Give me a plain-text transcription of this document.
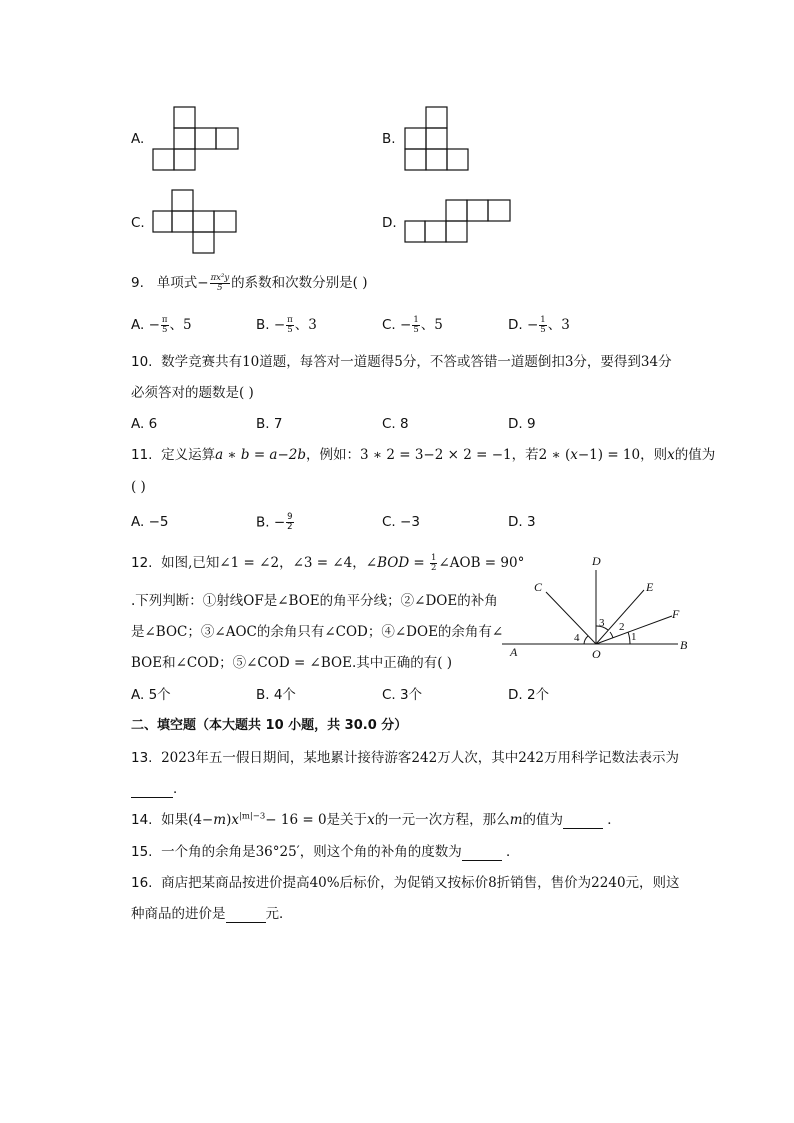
A.	B.
C.	D.
9. 单项式− $\frac{\text{πx²y}}{5}$ 的系数和次数分别是( )
A. − $\frac{\pi}{5}$ 、5	B. − $\frac{\pi}{5}$ 、3	C. − $\frac{1}{5}$ 、5	D. − $\frac{1}{5}$ 、3
10. 数学竞赛共有10道题，每答对一道题得5分，不答或答错一道题倒扣3分，要得到34分
必须答对的题数是( )
A. 6	B. 7	C. 8	D. 9
11. 定义运算a ∗ b = a−2b，例如：3 ∗ 2 = 3−2 × 2 = −1，若2 ∗ (x−1) = 10，则x的值为
( )
A. −5	B. − $\frac{9}{2}$	C. −3	D. 3
12. 如图,已知∠1 = ∠2，∠3 = ∠4，∠BOD = $\frac{1}{2}$ ∠AOB = 90°
.下列判断：①射线OF是∠BOE的角平分线；②∠DOE的补角
是∠BOC；③∠AOC的余角只有∠COD；④∠DOE的余角有∠
BOE和∠COD；⑤∠COD = ∠BOE.其中正确的有( )
A. 5个	B. 4个	C. 3个	D. 2个
C
D
E
F
B
A	O
4
3 2
1
二、填空题（本大题共 10 小题，共 30.0 分）
13. 2023年五一假日期间，某地累计接待游客242万人次，其中242万用科学记数法表示为
．
14. 如果$(4-m)x^{|m|-3}- 16 = 0$是关于x的一元一次方程，那么m的值为	．
15. 一个角的余角是36°25′，则这个角的补角的度数为	．
16. 商店把某商品按进价提高40%后标价，为促销又按标价8折销售，售价为2240元，则这
种商品的进价是	元．
